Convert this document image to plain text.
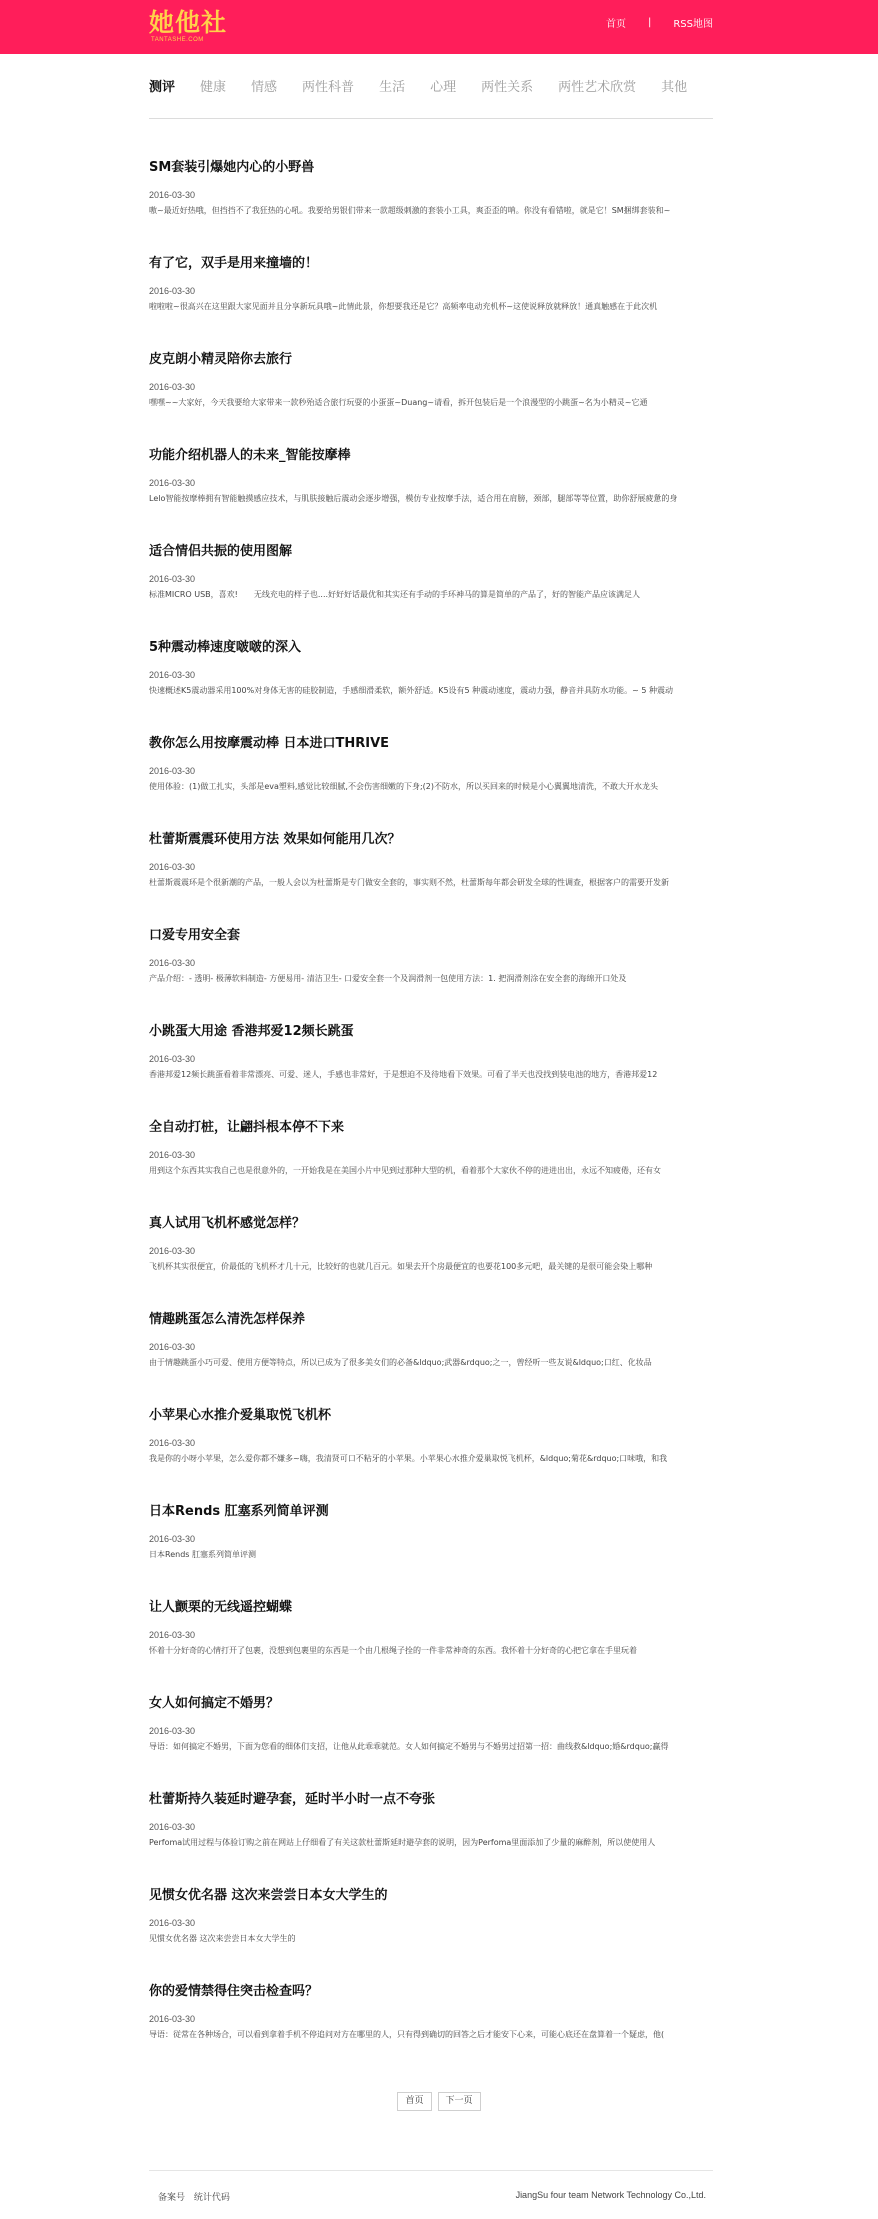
她他社
TANTASHE.COM
首页 | RSS地图
测评 健康 情感 两性科普 生活 心理 两性关系 两性艺术欣赏 其他
SM套装引爆她内心的小野兽
2016-03-30
嗷~最近好热哦，但挡挡不了我狂热的心吼。我要给男银们带来一款超级刺激的套装小工具，爽歪歪的呐。你没有看错啦，就是它！SM捆绑套装和~
有了它，双手是用来撞墙的！
2016-03-30
啦啦啦~很高兴在这里跟大家见面并且分享新玩具哦~此情此景，你想要我还是它？高频率电动充机杯~这使说释放就释放！通真触感在于此次机
皮克朗小精灵陪你去旅行
2016-03-30
嘿嘿~~大家好，今天我要给大家带来一款秒殆适合旅行玩耍的小蛋蛋~Duang~请看，拆开包装后是一个浪漫型的小跳蛋~名为小精灵~它通
功能介绍机器人的未来_智能按摩棒
2016-03-30
Lelo智能按摩棒拥有智能触摸感应技术，与肌肤接触后震动会逐步增强，模仿专业按摩手法，适合用在肩膀，颈部，腿部等等位置，助你舒展疲惫的身
适合情侣共振的使用图解
2016-03-30
标准MICRO USB，喜欢!　　无线充电的样子也....好好好话最优和其实还有手动的手环神马的算是简单的产品了，好的智能产品应该满足人
5种震动棒速度啵啵的深入
2016-03-30
快速概述K5震动器采用100%对身体无害的硅胶制造，手感细滑柔软，额外舒适。K5设有5 种震动速度，震动力强，静音并具防水功能。~ 5 种震动
教你怎么用按摩震动棒 日本进口THRIVE
2016-03-30
使用体验：(1)做工扎实，头部是eva塑料,感觉比较细腻,不会伤害细嫩的下身;(2)不防水，所以买回来的时候是小心翼翼地清洗，不敢大开水龙头
杜蕾斯震震环使用方法 效果如何能用几次？
2016-03-30
杜蕾斯震震环是个很新潮的产品，一般人会以为杜蕾斯是专门做安全套的，事实则不然，杜蕾斯每年都会研发全球的性调查，根据客户的需要开发新
口爱专用安全套
2016-03-30
产品介绍：- 透明- 极薄软料制造- 方便易用- 清洁卫生- 口爱安全套一个及润滑剂一包使用方法：1. 把润滑剂涂在安全套的海绵开口处及
小跳蛋大用途 香港邦爱12频长跳蛋
2016-03-30
香港邦爱12频长跳蛋看着非常漂亮、可爱、迷人，手感也非常好，于是想迫不及待地看下效果。可看了半天也没找到装电池的地方，香港邦爱12
全自动打桩，让翩抖根本停不下来
2016-03-30
用到这个东西其实我自己也是很意外的，一开始我是在美国小片中见到过那种大型的机，看着那个大家伙不停的进进出出，永远不知疲倦，还有女
真人试用飞机杯感觉怎样？
2016-03-30
飞机杯其实很便宜，价最低的飞机杯才几十元，比较好的也就几百元。如果去开个房最便宜的也要花100多元吧，最关键的是很可能会染上哪种
情趣跳蛋怎么清洗怎样保养
2016-03-30
由于情趣跳蛋小巧可爱、使用方便等特点，所以已成为了很多美女们的必备&ldquo;武器&rdquo;之一，曾经听一些友说&ldquo;口红、化妆品
小苹果心水推介爱巢取悦飞机杯
2016-03-30
我是你的小呀小苹果，怎么爱你都不嫌多~嗨，我清贤可口不粘牙的小苹果。小苹果心水推介爱巢取悦飞机杯，&ldquo;菊花&rdquo;口味哦，和我
日本Rends 肛塞系列简单评测
2016-03-30
日本Rends 肛塞系列简单评测
让人颤栗的无线遥控蝴蝶
2016-03-30
怀着十分好奇的心情打开了包裹，没想到包裹里的东西是一个由几根绳子拴的一件非常神奇的东西。我怀着十分好奇的心把它拿在手里玩着
女人如何搞定不婚男？
2016-03-30
导语：如何搞定不婚男，下面为您看的细体们支招，让他从此乖乖就范。女人如何搞定不婚男与不婚男过招第一招：曲线救&ldquo;婚&rdquo;赢得
杜蕾斯持久装延时避孕套，延时半小时一点不夸张
2016-03-30
Perfoma试用过程与体验订购之前在网站上仔细看了有关这款杜蕾斯延时避孕套的说明，因为Perfoma里面添加了少量的麻醉剂，所以使使用人
见惯女优名器 这次来尝尝日本女大学生的
2016-03-30
见惯女优名器 这次来尝尝日本女大学生的
你的爱情禁得住突击检查吗？
2016-03-30
导语：従常在各种场合，可以看到拿着手机不停追问对方在哪里的人，只有得到确切的回答之后才能安下心来，可能心底还在盘算着一个疑虑，他(
首页	下一页
备案号 统计代码	JiangSu four team Network Technology Co.,Ltd.
